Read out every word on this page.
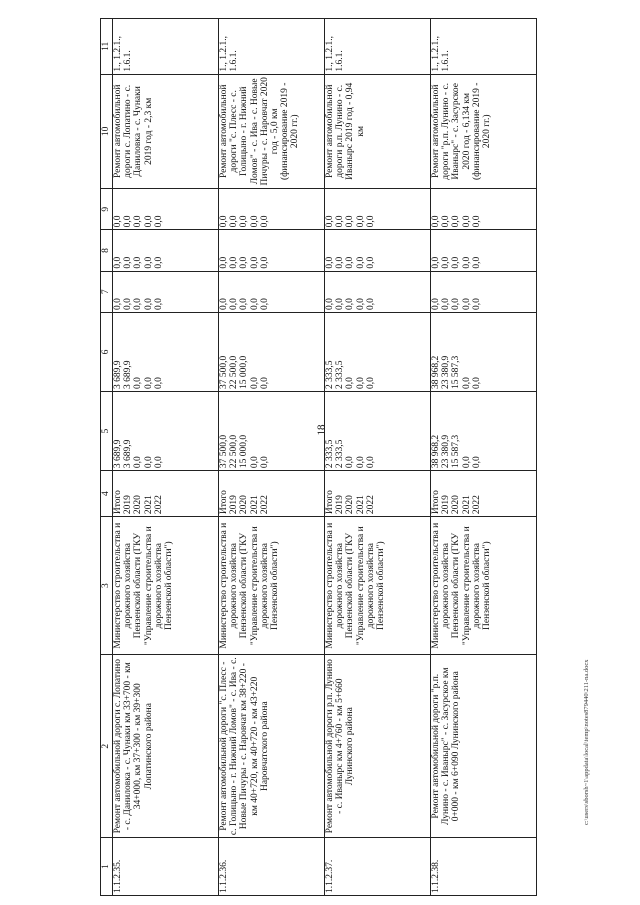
18
c:\users\sborsh~1\appdata\local\temp\notes879440\211-na.docx
1	2	3	4	5	6	7	8	9	10	11
1.1.2.35.	Ремонт автомобильной дороги с. Лопатино - с. Даниловка - с. Чунаки км 33+700 - км 34+000, км 37+300 - км 39+300 Лопатинского района	Министерство строительства и дорожного хозяйства Пензенской области (ГКУ "Управление строительства и дорожного хозяйства Пензенской области")	Итого 2019 2020 2021 2022	3 689,9 3 689,9 0,0 0,0 0,0	3 689,9 3 689,9 0,0 0,0 0,0	0,0 0,0 0,0 0,0 0,0	0,0 0,0 0,0 0,0 0,0	0,0 0,0 0,0 0,0 0,0	Ремонт автомобильной дороги с. Лопатино - с. Даниловка - с. Чунаки 2019 год - 2,3 км	1., 1.2.1., 1.6.1.
1.1.2.36.	Ремонт автомобильной дороги "с. Плесс - с. Голицыно - г. Нижний Ломов" - с. Ива - с. Новые Пичуры - с. Наровчат км 38+220 - км 40+720, км 40+720 - км 43+220 Наровчатского района	Министерство строительства и дорожного хозяйства Пензенской области (ГКУ "Управление строительства и дорожного хозяйства Пензенской области")	Итого 2019 2020 2021 2022	37 500,0 22 500,0 15 000,0 0,0 0,0	37 500,0 22 500,0 15 000,0 0,0 0,0	0,0 0,0 0,0 0,0 0,0	0,0 0,0 0,0 0,0 0,0	0,0 0,0 0,0 0,0 0,0	Ремонт автомобильной дороги "с. Плесс - с. Голицыно - г. Нижний Ломов" - с. Ива - с. Новые Пичуры - с. Наровчат 2020 год - 5,0 км (финансирование 2019 - 2020 гг.)	1., 1.2.1., 1.6.1.
1.1.2.37.	Ремонт автомобильной дороги р.п. Лунино - с. Иванырс км 4+760 - км 5+660 Лунинского района	Министерство строительства и дорожного хозяйства Пензенской области (ГКУ "Управление строительства и дорожного хозяйства Пензенской области")	Итого 2019 2020 2021 2022	2 333,5 2 333,5 0,0 0,0 0,0	2 333,5 2 333,5 0,0 0,0 0,0	0,0 0,0 0,0 0,0 0,0	0,0 0,0 0,0 0,0 0,0	0,0 0,0 0,0 0,0 0,0	Ремонт автомобильной дороги р.п. Лунино - с. Иванырс 2019 год - 0,94 км	1., 1.2.1., 1.6.1.
1.1.2.38.	Ремонт автомобильной дороги "р.п. Лунино - с. Иванырс" - с. Засурское км 0+000 - км 6+090 Лунинского района	Министерство строительства и дорожного хозяйства Пензенской области (ГКУ "Управление строительства и дорожного хозяйства Пензенской области")	Итого 2019 2020 2021 2022	38 968,2 23 380,9 15 587,3 0,0 0,0	38 968,2 23 380,9 15 587,3 0,0 0,0	0,0 0,0 0,0 0,0 0,0	0,0 0,0 0,0 0,0 0,0	0,0 0,0 0,0 0,0 0,0	Ремонт автомобильной дороги "р.п. Лунино - с. Иванырс" - с. Засурское 2020 год - 6,134 км (финансирование 2019 - 2020 гг.)	1., 1.2.1., 1.6.1.
